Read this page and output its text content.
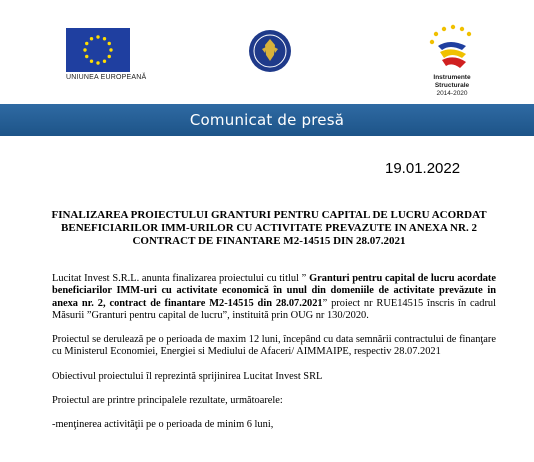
UNIUNEA EUROPEANĂ	Instrumente Structurale
2014-2020
Comunicat de presă
19.01.2022
FINALIZAREA PROIECTULUI GRANTURI PENTRU CAPITAL DE LUCRU ACORDAT
BENEFICIARILOR IMM-URILOR CU ACTIVITATE PREVAZUTE IN ANEXA NR. 2
CONTRACT DE FINANTARE M2-14515 DIN 28.07.2021

Lucitat Invest S.R.L. anunta finalizarea proiectului cu titlul ” Granturi pentru capital de lucru acordate beneficiarilor IMM-uri cu activitate economică în unul din domeniile de activitate prevăzute in anexa nr. 2, contract de finantare M2-14515 din 28.07.2021” proiect nr RUE14515 înscris în cadrul Măsurii ”Granturi pentru capital de lucru”, instituită prin OUG nr 130/2020.

Proiectul se derulează pe o perioada de maxim 12 luni, începând cu data semnării contractului de finanţare cu Ministerul Economiei, Energiei si Mediului de Afaceri/ AIMMAIPE, respectiv 28.07.2021

Obiectivul proiectului îl reprezintă sprijinirea Lucitat Invest SRL

Proiectul are printre principalele rezultate, următoarele:

-menţinerea activităţii pe o perioada de minim 6 luni,
